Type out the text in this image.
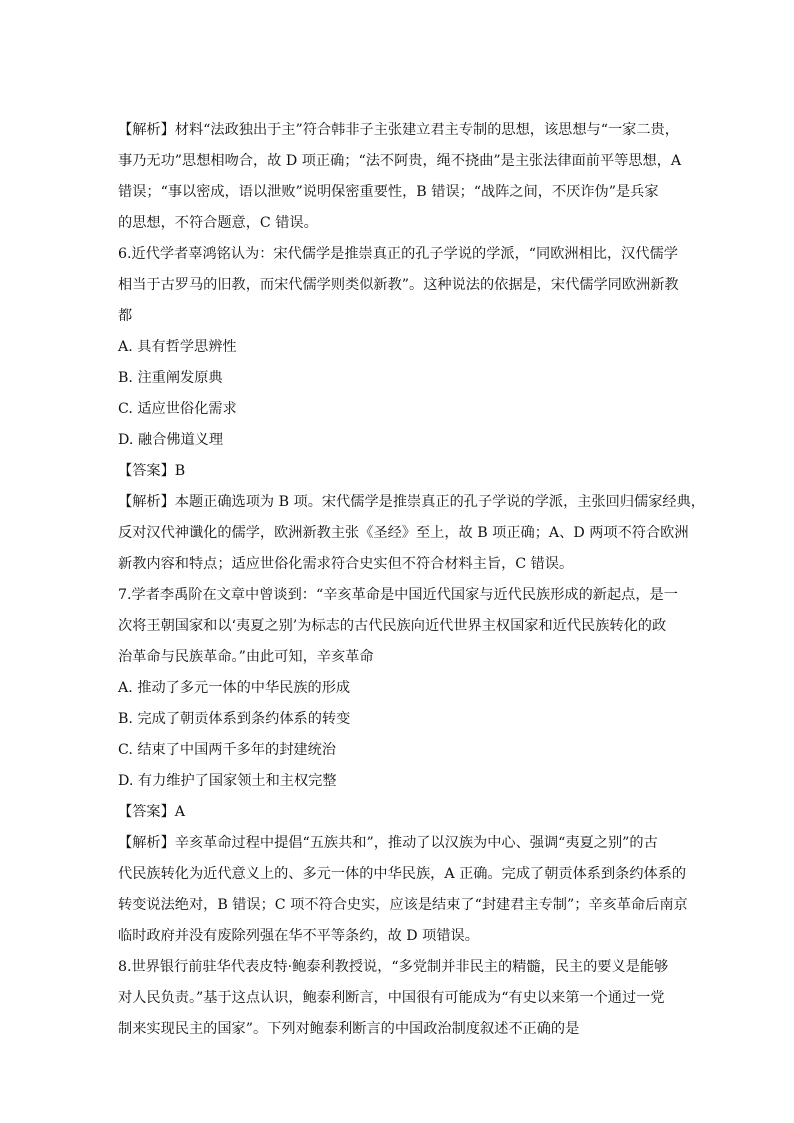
【解析】材料“法政独出于主”符合韩非子主张建立君主专制的思想，该思想与“一家二贵，
事乃无功”思想相吻合，故 D 项正确；“法不阿贵，绳不挠曲”是主张法律面前平等思想，A
错误；“事以密成，语以泄败”说明保密重要性，B 错误；“战阵之间，不厌诈伪”是兵家
的思想，不符合题意，C 错误。
6.近代学者辜鸿铭认为：宋代儒学是推崇真正的孔子学说的学派，“同欧洲相比，汉代儒学
相当于古罗马的旧教，而宋代儒学则类似新教”。这种说法的依据是，宋代儒学同欧洲新教
都
A. 具有哲学思辨性
B. 注重阐发原典
C. 适应世俗化需求
D. 融合佛道义理
【答案】B
【解析】本题正确选项为 B 项。宋代儒学是推崇真正的孔子学说的学派，主张回归儒家经典，
反对汉代神谶化的儒学，欧洲新教主张《圣经》至上，故 B 项正确；A、D 两项不符合欧洲
新教内容和特点；适应世俗化需求符合史实但不符合材料主旨，C 错误。
7.学者李禹阶在文章中曾谈到：“辛亥革命是中国近代国家与近代民族形成的新起点，是一
次将王朝国家和以‘夷夏之别’为标志的古代民族向近代世界主权国家和近代民族转化的政
治革命与民族革命。”由此可知，辛亥革命
A. 推动了多元一体的中华民族的形成
B. 完成了朝贡体系到条约体系的转变
C. 结束了中国两千多年的封建统治
D. 有力维护了国家领土和主权完整
【答案】A
【解析】辛亥革命过程中提倡“五族共和”，推动了以汉族为中心、强调“夷夏之别”的古
代民族转化为近代意义上的、多元一体的中华民族，A 正确。完成了朝贡体系到条约体系的
转变说法绝对，B 错误；C 项不符合史实，应该是结束了“封建君主专制”；辛亥革命后南京
临时政府并没有废除列强在华不平等条约，故 D 项错误。
8.世界银行前驻华代表皮特·鲍泰利教授说，“多党制并非民主的精髓，民主的要义是能够
对人民负责。”基于这点认识，鲍泰利断言，中国很有可能成为“有史以来第一个通过一党
制来实现民主的国家”。下列对鲍泰利断言的中国政治制度叙述不正确的是
